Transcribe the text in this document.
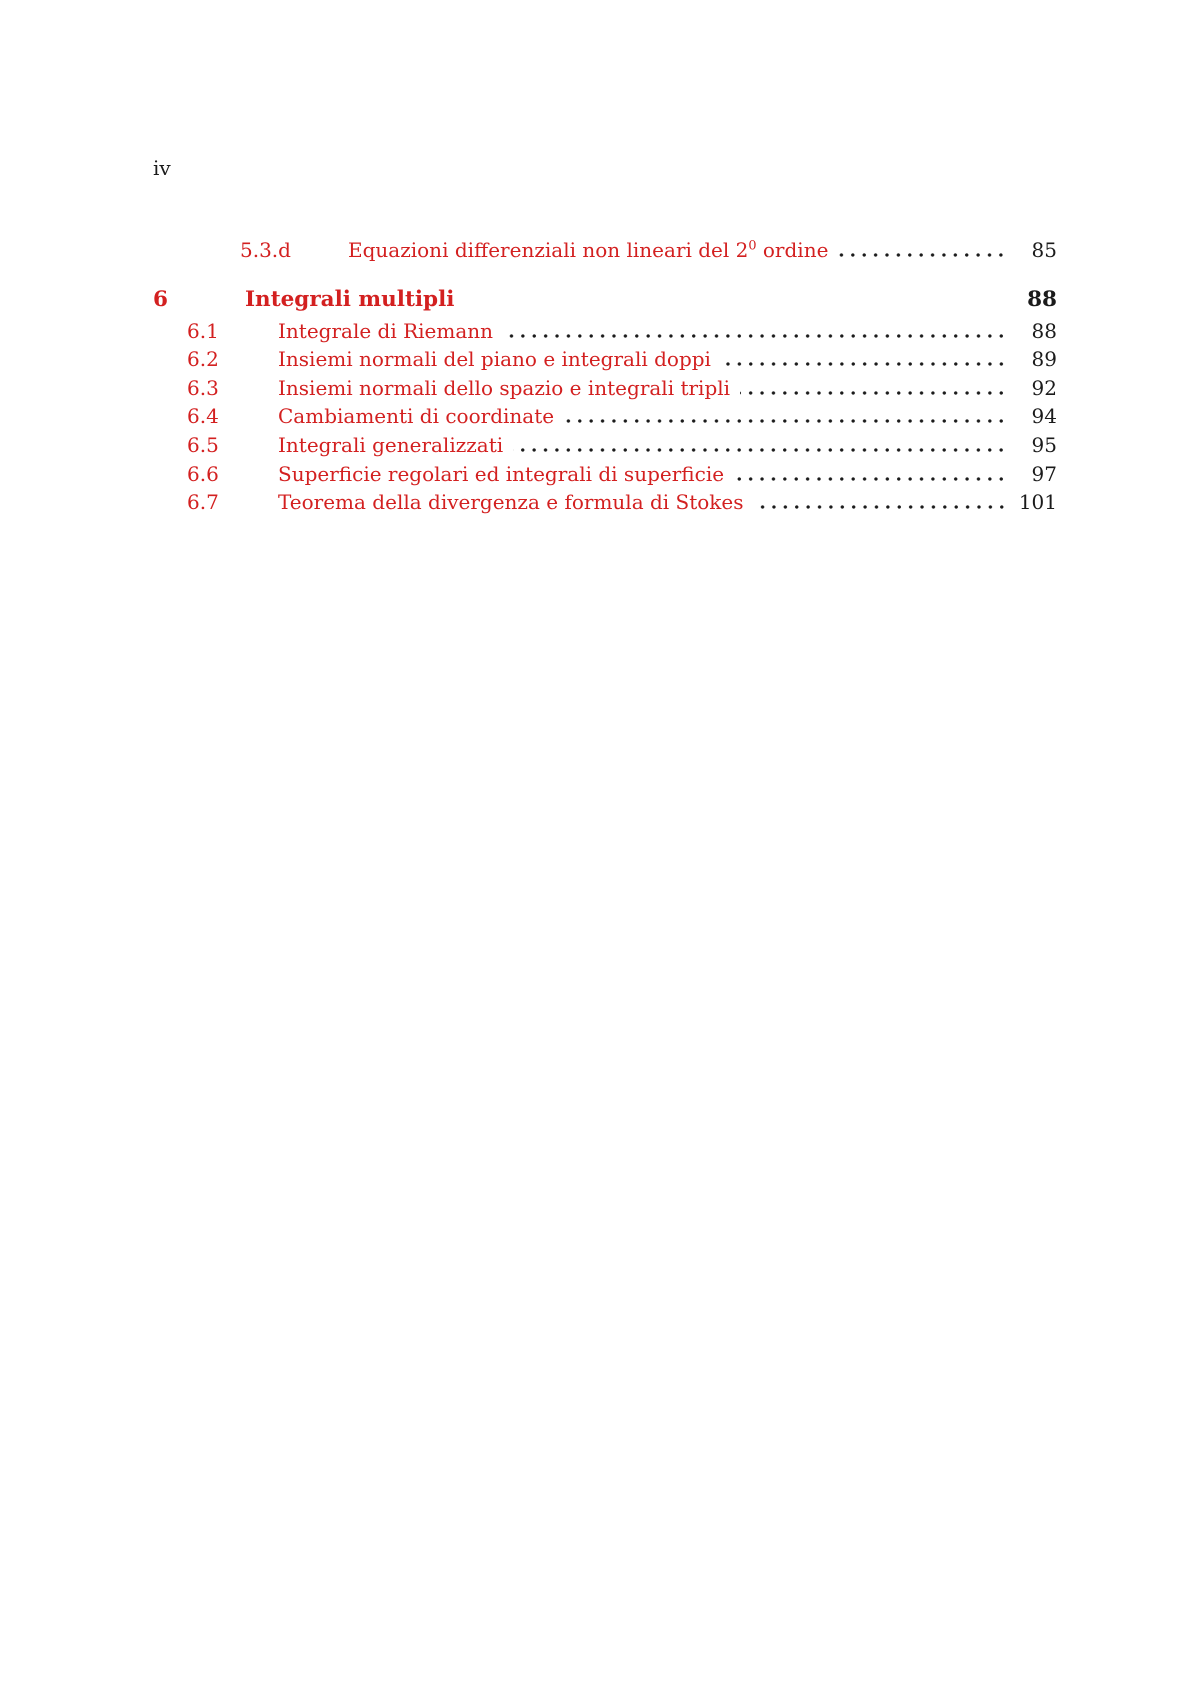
iv
5.3.d	Equazioni differenziali non lineari del $2^0$ ordine	85
6	Integrali multipli	88
6.1	Integrale di Riemann	88
6.2	Insiemi normali del piano e integrali doppi	89
6.3	Insiemi normali dello spazio e integrali tripli	92
6.4	Cambiamenti di coordinate	94
6.5	Integrali generalizzati	95
6.6	Superficie regolari ed integrali di superficie	97
6.7	Teorema della divergenza e formula di Stokes	101
